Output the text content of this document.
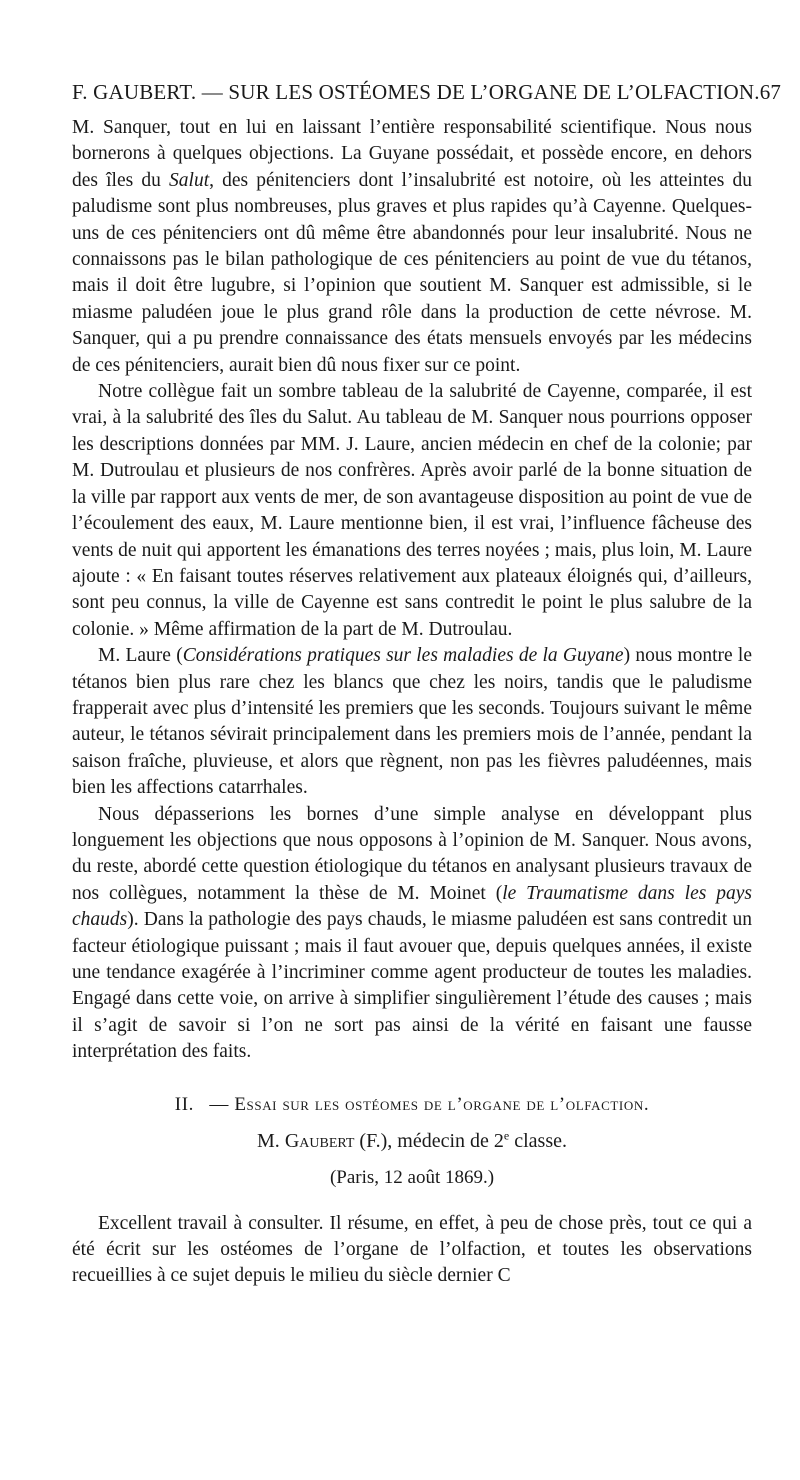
F. GAUBERT. — SUR LES OSTÉOMES DE L’ORGANE DE L’OLFACTION. 67

M. Sanquer, tout en lui en laissant l’entière responsabilité scientifique. Nous nous bornerons à quelques objections. La Guyane possédait, et possède encore, en dehors des îles du Salut, des pénitenciers dont l’insalubrité est notoire, où les atteintes du paludisme sont plus nombreuses, plus graves et plus rapides qu’à Cayenne. Quelques-uns de ces pénitenciers ont dû même être abandonnés pour leur insalubrité. Nous ne connaissons pas le bilan pathologique de ces pénitenciers au point de vue du tétanos, mais il doit être lugubre, si l’opinion que soutient M. Sanquer est admissible, si le miasme paludéen joue le plus grand rôle dans la production de cette névrose. M. Sanquer, qui a pu prendre connaissance des états mensuels envoyés par les médecins de ces pénitenciers, aurait bien dû nous fixer sur ce point.

Notre collègue fait un sombre tableau de la salubrité de Cayenne, comparée, il est vrai, à la salubrité des îles du Salut. Au tableau de M. Sanquer nous pourrions opposer les descriptions données par MM. J. Laure, ancien médecin en chef de la colonie; par M. Dutroulau et plusieurs de nos confrères. Après avoir parlé de la bonne situation de la ville par rapport aux vents de mer, de son avantageuse disposition au point de vue de l’écoulement des eaux, M. Laure mentionne bien, il est vrai, l’influence fâcheuse des vents de nuit qui apportent les émanations des terres noyées ; mais, plus loin, M. Laure ajoute : « En faisant toutes réserves relativement aux plateaux éloignés qui, d’ailleurs, sont peu connus, la ville de Cayenne est sans contredit le point le plus salubre de la colonie. » Même affirmation de la part de M. Dutroulau.

M. Laure (Considérations pratiques sur les maladies de la Guyane) nous montre le tétanos bien plus rare chez les blancs que chez les noirs, tandis que le paludisme frapperait avec plus d’intensité les premiers que les seconds. Toujours suivant le même auteur, le tétanos sévirait principalement dans les premiers mois de l’année, pendant la saison fraîche, pluvieuse, et alors que règnent, non pas les fièvres paludéennes, mais bien les affections catarrhales.

Nous dépasserions les bornes d’une simple analyse en développant plus longuement les objections que nous opposons à l’opinion de M. Sanquer. Nous avons, du reste, abordé cette question étiologique du tétanos en analysant plusieurs travaux de nos collègues, notamment la thèse de M. Moinet (le Traumatisme dans les pays chauds). Dans la pathologie des pays chauds, le miasme paludéen est sans contredit un facteur étiologique puissant ; mais il faut avouer que, depuis quelques années, il existe une tendance exagérée à l’incriminer comme agent producteur de toutes les maladies. Engagé dans cette voie, on arrive à simplifier singulièrement l’étude des causes ; mais il s’agit de savoir si l’on ne sort pas ainsi de la vérité en faisant une fausse interprétation des faits.

II. — Essai sur les ostéomes de l’organe de l’olfaction.
M. Gaubert (F.), médecin de 2e classe.
(Paris, 12 août 1869.)

Excellent travail à consulter. Il résume, en effet, à peu de chose près, tout ce qui a été écrit sur les ostéomes de l’organe de l’olfaction, et toutes les observations recueillies à ce sujet depuis le milieu du siècle dernier C
